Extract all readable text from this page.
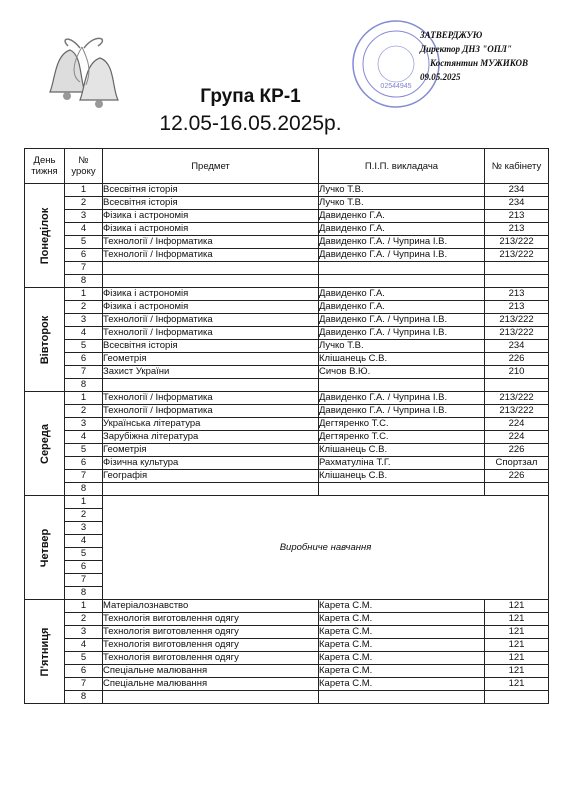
02544945
ЗАТВЕРДЖУЮ
Директор ДНЗ "ОПЛ"
Костянтин МУЖИКОВ
09.05.2025
Група КР-1
12.05-16.05.2025р.
День тижня	№ уроку	Предмет	П.І.П. викладача	№ кабінету

Понеділок	1	Всесвітня історія	Лучко Т.В.	234
	2	Всесвітня історія	Лучко Т.В.	234
	3	Фізика і астрономія	Давиденко Г.А.	213
	4	Фізика і астрономія	Давиденко Г.А.	213
	5	Технології / Інформатика	Давиденко Г.А. / Чуприна І.В.	213/222
	6	Технології / Інформатика	Давиденко Г.А. / Чуприна І.В.	213/222
	7			
	8			

Вівторок	1	Фізика і астрономія	Давиденко Г.А.	213
	2	Фізика і астрономія	Давиденко Г.А.	213
	3	Технології / Інформатика	Давиденко Г.А. / Чуприна І.В.	213/222
	4	Технології / Інформатика	Давиденко Г.А. / Чуприна І.В.	213/222
	5	Всесвітня історія	Лучко Т.В.	234
	6	Геометрія	Клішанець С.В.	226
	7	Захист України	Сичов В.Ю.	210
	8			

Середа	1	Технології / Інформатика	Давиденко Г.А. / Чуприна І.В.	213/222
	2	Технології / Інформатика	Давиденко Г.А. / Чуприна І.В.	213/222
	3	Українська література	Дегтяренко Т.С.	224
	4	Зарубіжна література	Дегтяренко Т.С.	224
	5	Геометрія	Клішанець С.В.	226
	6	Фізична культура	Рахматуліна Т.Г.	Спортзал
	7	Географія	Клішанець С.В.	226
	8			

Четвер	1	Виробниче навчання		
	2			
	3			
	4			
	5			
	6			
	7			
	8			

П'ятниця	1	Матеріалознавство	Карета С.М.	121
	2	Технологія виготовлення одягу	Карета С.М.	121
	3	Технологія виготовлення одягу	Карета С.М.	121
	4	Технологія виготовлення одягу	Карета С.М.	121
	5	Технологія виготовлення одягу	Карета С.М.	121
	6	Спеціальне малювання	Карета С.М.	121
	7	Спеціальне малювання	Карета С.М.	121
	8			
